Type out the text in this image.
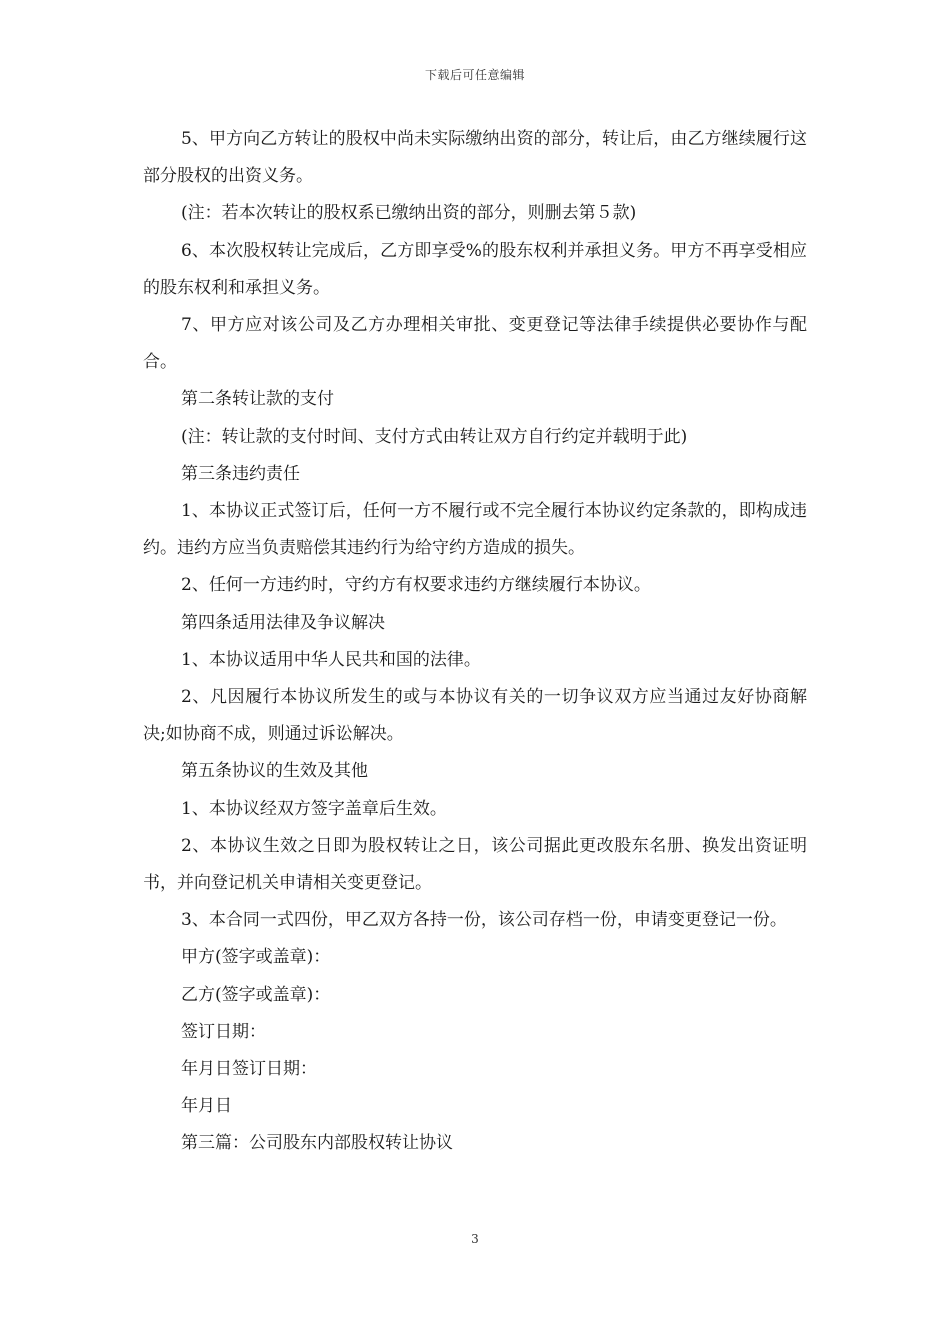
下载后可任意编辑

5、甲方向乙方转让的股权中尚未实际缴纳出资的部分，转让后，由乙方继续履行这部分股权的出资义务。

(注：若本次转让的股权系已缴纳出资的部分，则删去第５款)

6、本次股权转让完成后，乙方即享受%的股东权利并承担义务。甲方不再享受相应的股东权利和承担义务。

7、甲方应对该公司及乙方办理相关审批、变更登记等法律手续提供必要协作与配合。

第二条转让款的支付

(注：转让款的支付时间、支付方式由转让双方自行约定并载明于此)

第三条违约责任

1、本协议正式签订后，任何一方不履行或不完全履行本协议约定条款的，即构成违约。违约方应当负责赔偿其违约行为给守约方造成的损失。

2、任何一方违约时，守约方有权要求违约方继续履行本协议。

第四条适用法律及争议解决

1、本协议适用中华人民共和国的法律。

2、凡因履行本协议所发生的或与本协议有关的一切争议双方应当通过友好协商解决;如协商不成，则通过诉讼解决。

第五条协议的生效及其他

1、本协议经双方签字盖章后生效。

2、本协议生效之日即为股权转让之日，该公司据此更改股东名册、换发出资证明书，并向登记机关申请相关变更登记。

3、本合同一式四份，甲乙双方各持一份，该公司存档一份，申请变更登记一份。

甲方(签字或盖章)：

乙方(签字或盖章)：

签订日期：

年月日签订日期：

年月日

第三篇：公司股东内部股权转让协议

3
